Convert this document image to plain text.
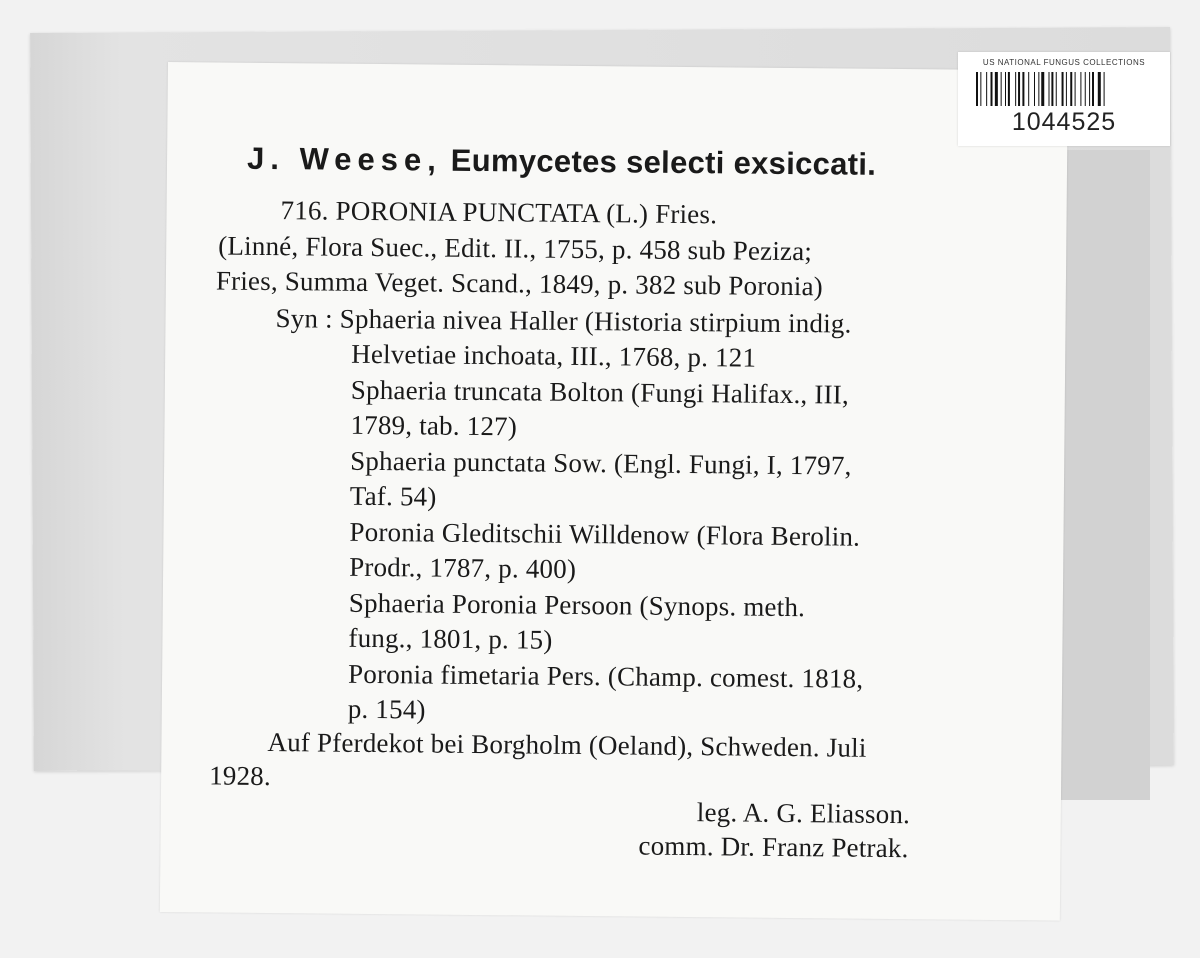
J. Weese, Eumycetes selecti exsiccati.
716. PORONIA PUNCTATA (L.) Fries.
(Linné, Flora Suec., Edit. II., 1755, p. 458 sub Peziza;
Fries, Summa Veget. Scand., 1849, p. 382 sub Poronia)
Syn : Sphaeria nivea Haller (Historia stirpium indig.
Helvetiae inchoata, III., 1768, p. 121
Sphaeria truncata Bolton (Fungi Halifax., III,
1789, tab. 127)
Sphaeria punctata Sow. (Engl. Fungi, I, 1797,
Taf. 54)
Poronia Gleditschii Willdenow (Flora Berolin.
Prodr., 1787, p. 400)
Sphaeria Poronia Persoon (Synops. meth.
fung., 1801, p. 15)
Poronia fimetaria Pers. (Champ. comest. 1818,
p. 154)
Auf Pferdekot bei Borgholm (Oeland), Schweden. Juli
1928.
leg. A. G. Eliasson.
comm. Dr. Franz Petrak.
US NATIONAL FUNGUS COLLECTIONS
1044525
